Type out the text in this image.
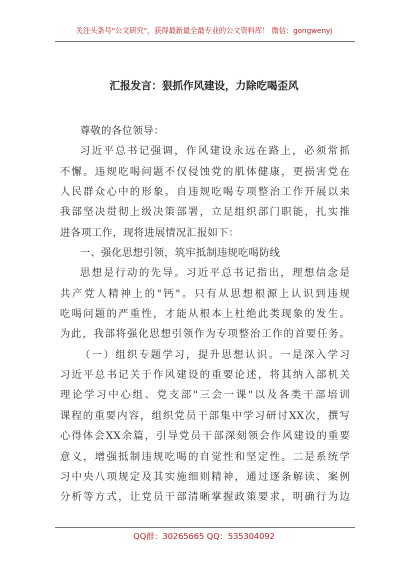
关注头条号"公文研究"，获得最新最全最专业的公文资料库！ 微信：gongwenyj
汇报发言：狠抓作风建设，力除吃喝歪风
尊敬的各位领导：
习近平总书记强调，作风建设永远在路上，必须常抓
不懈。违规吃喝问题不仅侵蚀党的肌体健康，更损害党在
人民群众心中的形象。自违规吃喝专项整治工作开展以来
我部坚决贯彻上级决策部署，立足组织部门职能，扎实推
进各项工作，现将进展情况汇报如下：
一、强化思想引领，筑牢抵制违规吃喝防线
思想是行动的先导。习近平总书记指出，理想信念是
共产党人精神上的"钙"。只有从思想根源上认识到违规
吃喝问题的严重性，才能从根本上杜绝此类现象的发生。
为此，我部将强化思想引领作为专项整治工作的首要任务。
（一）组织专题学习，提升思想认识。一是深入学习
习近平总书记关于作风建设的重要论述，将其纳入部机关
理论学习中心组、党支部"三会一课"以及各类干部培训
课程的重要内容，组织党员干部集中学习研讨XX次，撰写
心得体会XX余篇，引导党员干部深刻领会作风建设的重要
意义，增强抵制违规吃喝的自觉性和坚定性。二是系统学
习中央八项规定及其实施细则精神，通过逐条解读、案例
分析等方式，让党员干部清晰掌握政策要求，明确行为边
QQ群：30265665 QQ：535304092
